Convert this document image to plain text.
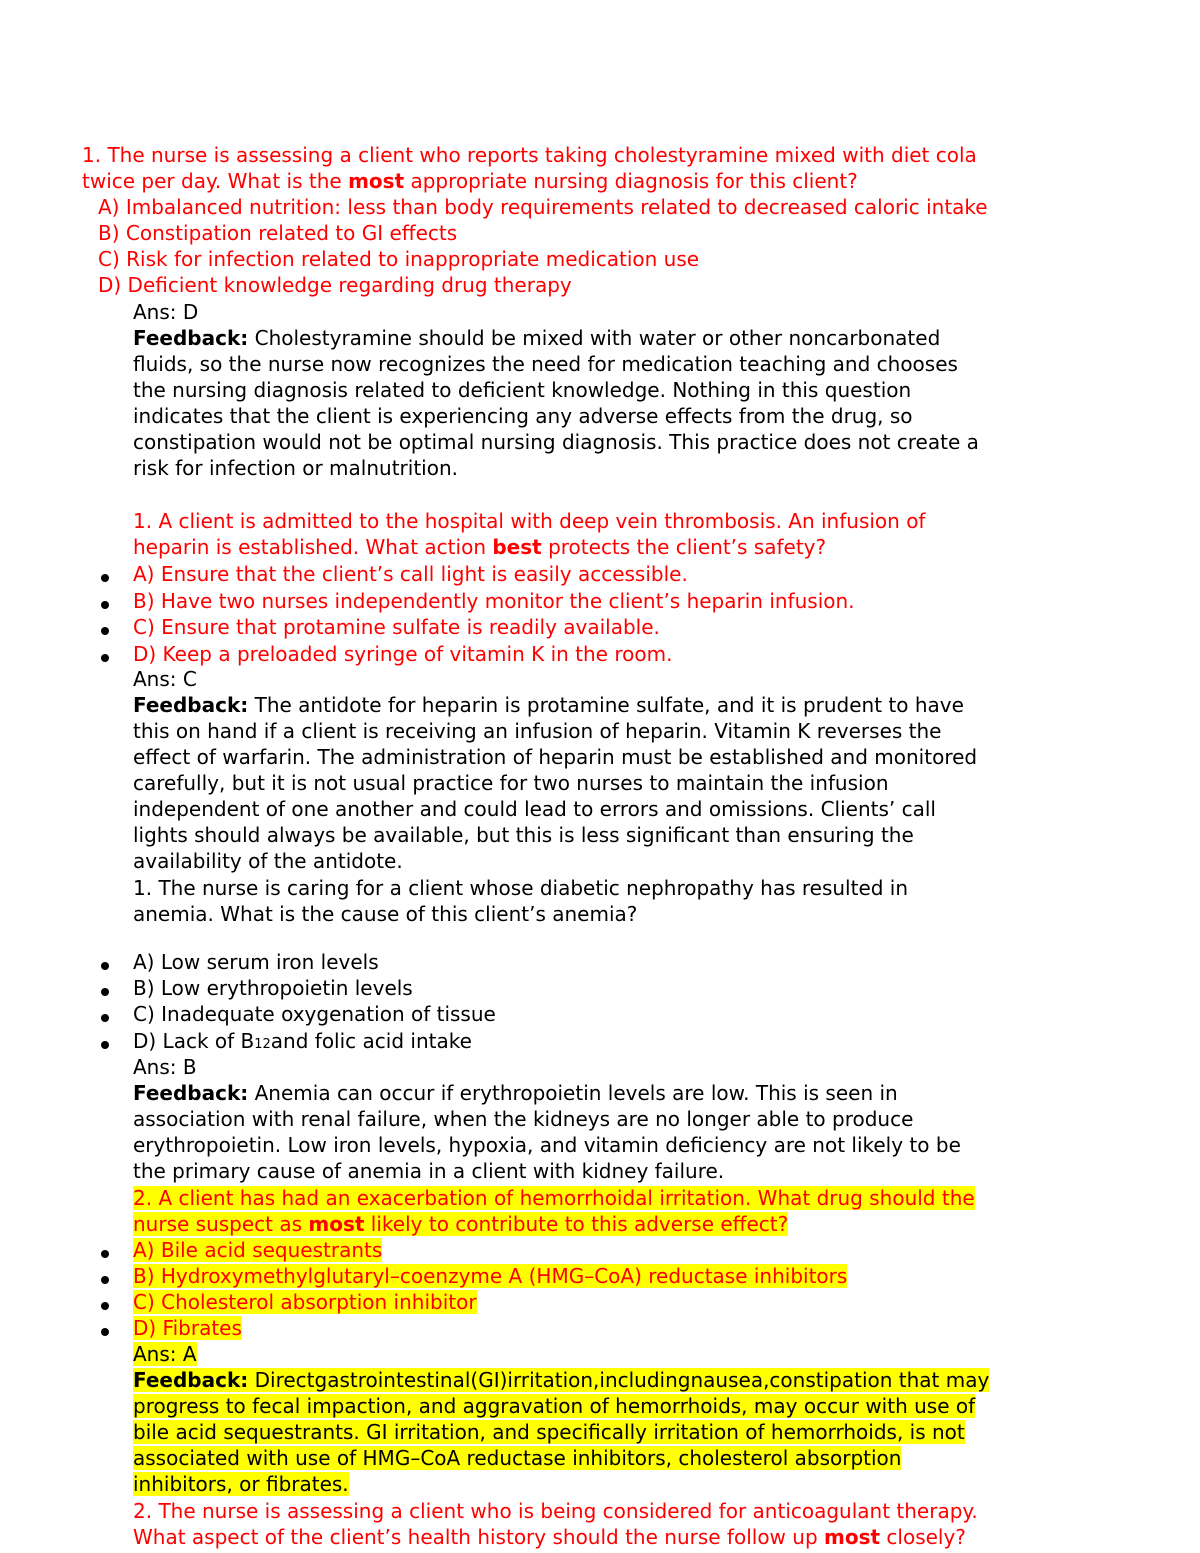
1. The nurse is assessing a client who reports taking cholestyramine mixed with diet cola
twice per day. What is the most appropriate nursing diagnosis for this client?
A) Imbalanced nutrition: less than body requirements related to decreased caloric intake
B) Constipation related to GI effects
C) Risk for infection related to inappropriate medication use
D) Deficient knowledge regarding drug therapy
Ans: D
Feedback: Cholestyramine should be mixed with water or other noncarbonated
fluids, so the nurse now recognizes the need for medication teaching and chooses
the nursing diagnosis related to deficient knowledge. Nothing in this question
indicates that the client is experiencing any adverse effects from the drug, so
constipation would not be optimal nursing diagnosis. This practice does not create a
risk for infection or malnutrition.
1. A client is admitted to the hospital with deep vein thrombosis. An infusion of
heparin is established. What action best protects the client’s safety?
A) Ensure that the client’s call light is easily accessible.
B) Have two nurses independently monitor the client’s heparin infusion.
C) Ensure that protamine sulfate is readily available.
D) Keep a preloaded syringe of vitamin K in the room.
Ans: C
Feedback: The antidote for heparin is protamine sulfate, and it is prudent to have
this on hand if a client is receiving an infusion of heparin. Vitamin K reverses the
effect of warfarin. The administration of heparin must be established and monitored
carefully, but it is not usual practice for two nurses to maintain the infusion
independent of one another and could lead to errors and omissions. Clients’ call
lights should always be available, but this is less significant than ensuring the
availability of the antidote.
1. The nurse is caring for a client whose diabetic nephropathy has resulted in
anemia. What is the cause of this client’s anemia?
A) Low serum iron levels
B) Low erythropoietin levels
C) Inadequate oxygenation of tissue
D) Lack of B12and folic acid intake
Ans: B
Feedback: Anemia can occur if erythropoietin levels are low. This is seen in
association with renal failure, when the kidneys are no longer able to produce
erythropoietin. Low iron levels, hypoxia, and vitamin deficiency are not likely to be
the primary cause of anemia in a client with kidney failure.
2. A client has had an exacerbation of hemorrhoidal irritation. What drug should the
nurse suspect as most likely to contribute to this adverse effect?
A) Bile acid sequestrants
B) Hydroxymethylglutaryl–coenzyme A (HMG–CoA) reductase inhibitors
C) Cholesterol absorption inhibitor
D) Fibrates
Ans: A
Feedback: Directgastrointestinal(GI)irritation,includingnausea,constipation that may
progress to fecal impaction, and aggravation of hemorrhoids, may occur with use of
bile acid sequestrants. GI irritation, and specifically irritation of hemorrhoids, is not
associated with use of HMG–CoA reductase inhibitors, cholesterol absorption
inhibitors, or fibrates.
2. The nurse is assessing a client who is being considered for anticoagulant therapy.
What aspect of the client’s health history should the nurse follow up most closely?
